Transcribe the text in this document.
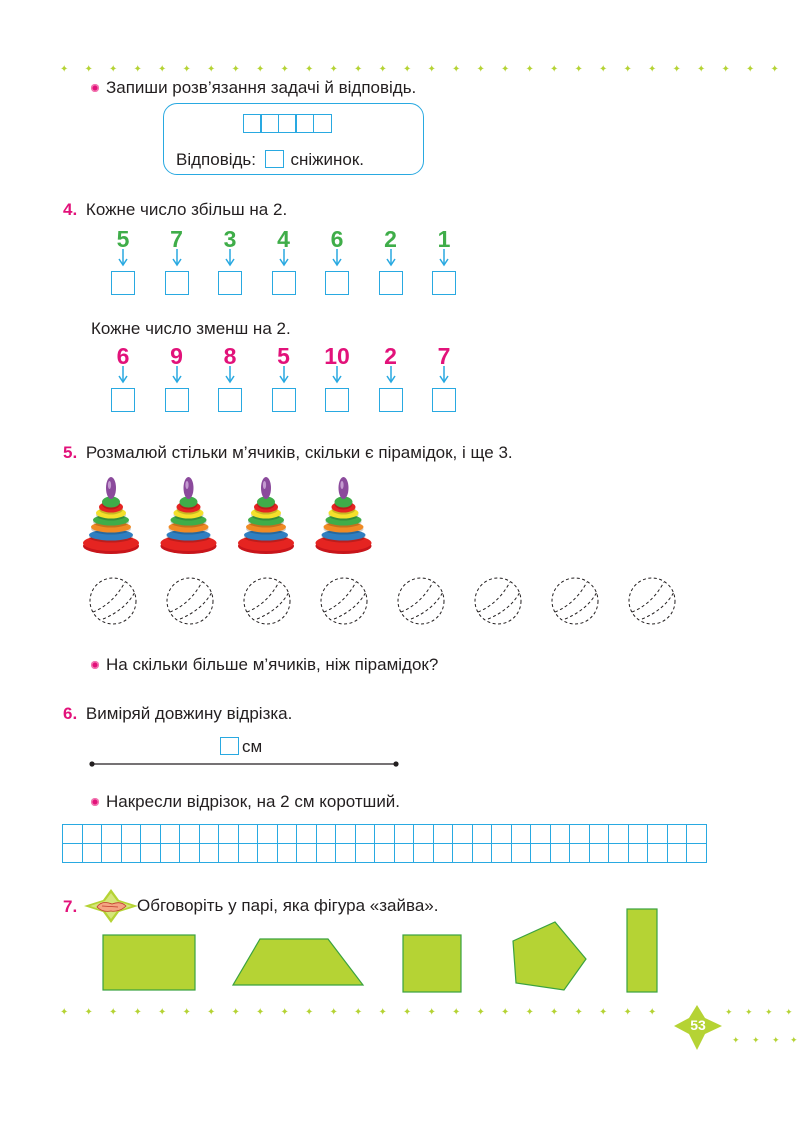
✦ ✦ ✦ ✦ ✦ ✦ ✦ ✦ ✦ ✦ ✦ ✦ ✦ ✦ ✦ ✦ ✦ ✦ ✦ ✦ ✦ ✦ ✦ ✦ ✦ ✦ ✦ ✦ ✦ ✦
Запиши розв’язання задачі й відповідь.
Відповідь: сніжинок.
4. Кожне число збільш на 2.
5	7	3	4	6	2	1
Кожне число зменш на 2.
6	9	8	5	10	2	7
5. Розмалюй стільки м’ячиків, скільки є пірамідок, і ще 3.
На скільки більше м’ячиків, ніж пірамідок?
6. Виміряй довжину відрізка.
см
Накресли відрізок, на 2 см коротший.
7.	Обговоріть у парі, яка фігура «зайва».
✦ ✦ ✦ ✦ ✦ ✦ ✦ ✦ ✦ ✦ ✦ ✦ ✦ ✦ ✦ ✦ ✦ ✦ ✦ ✦ ✦ ✦ ✦ ✦ ✦	✦ ✦ ✦ ✦
✦ ✦ ✦ ✦
53
